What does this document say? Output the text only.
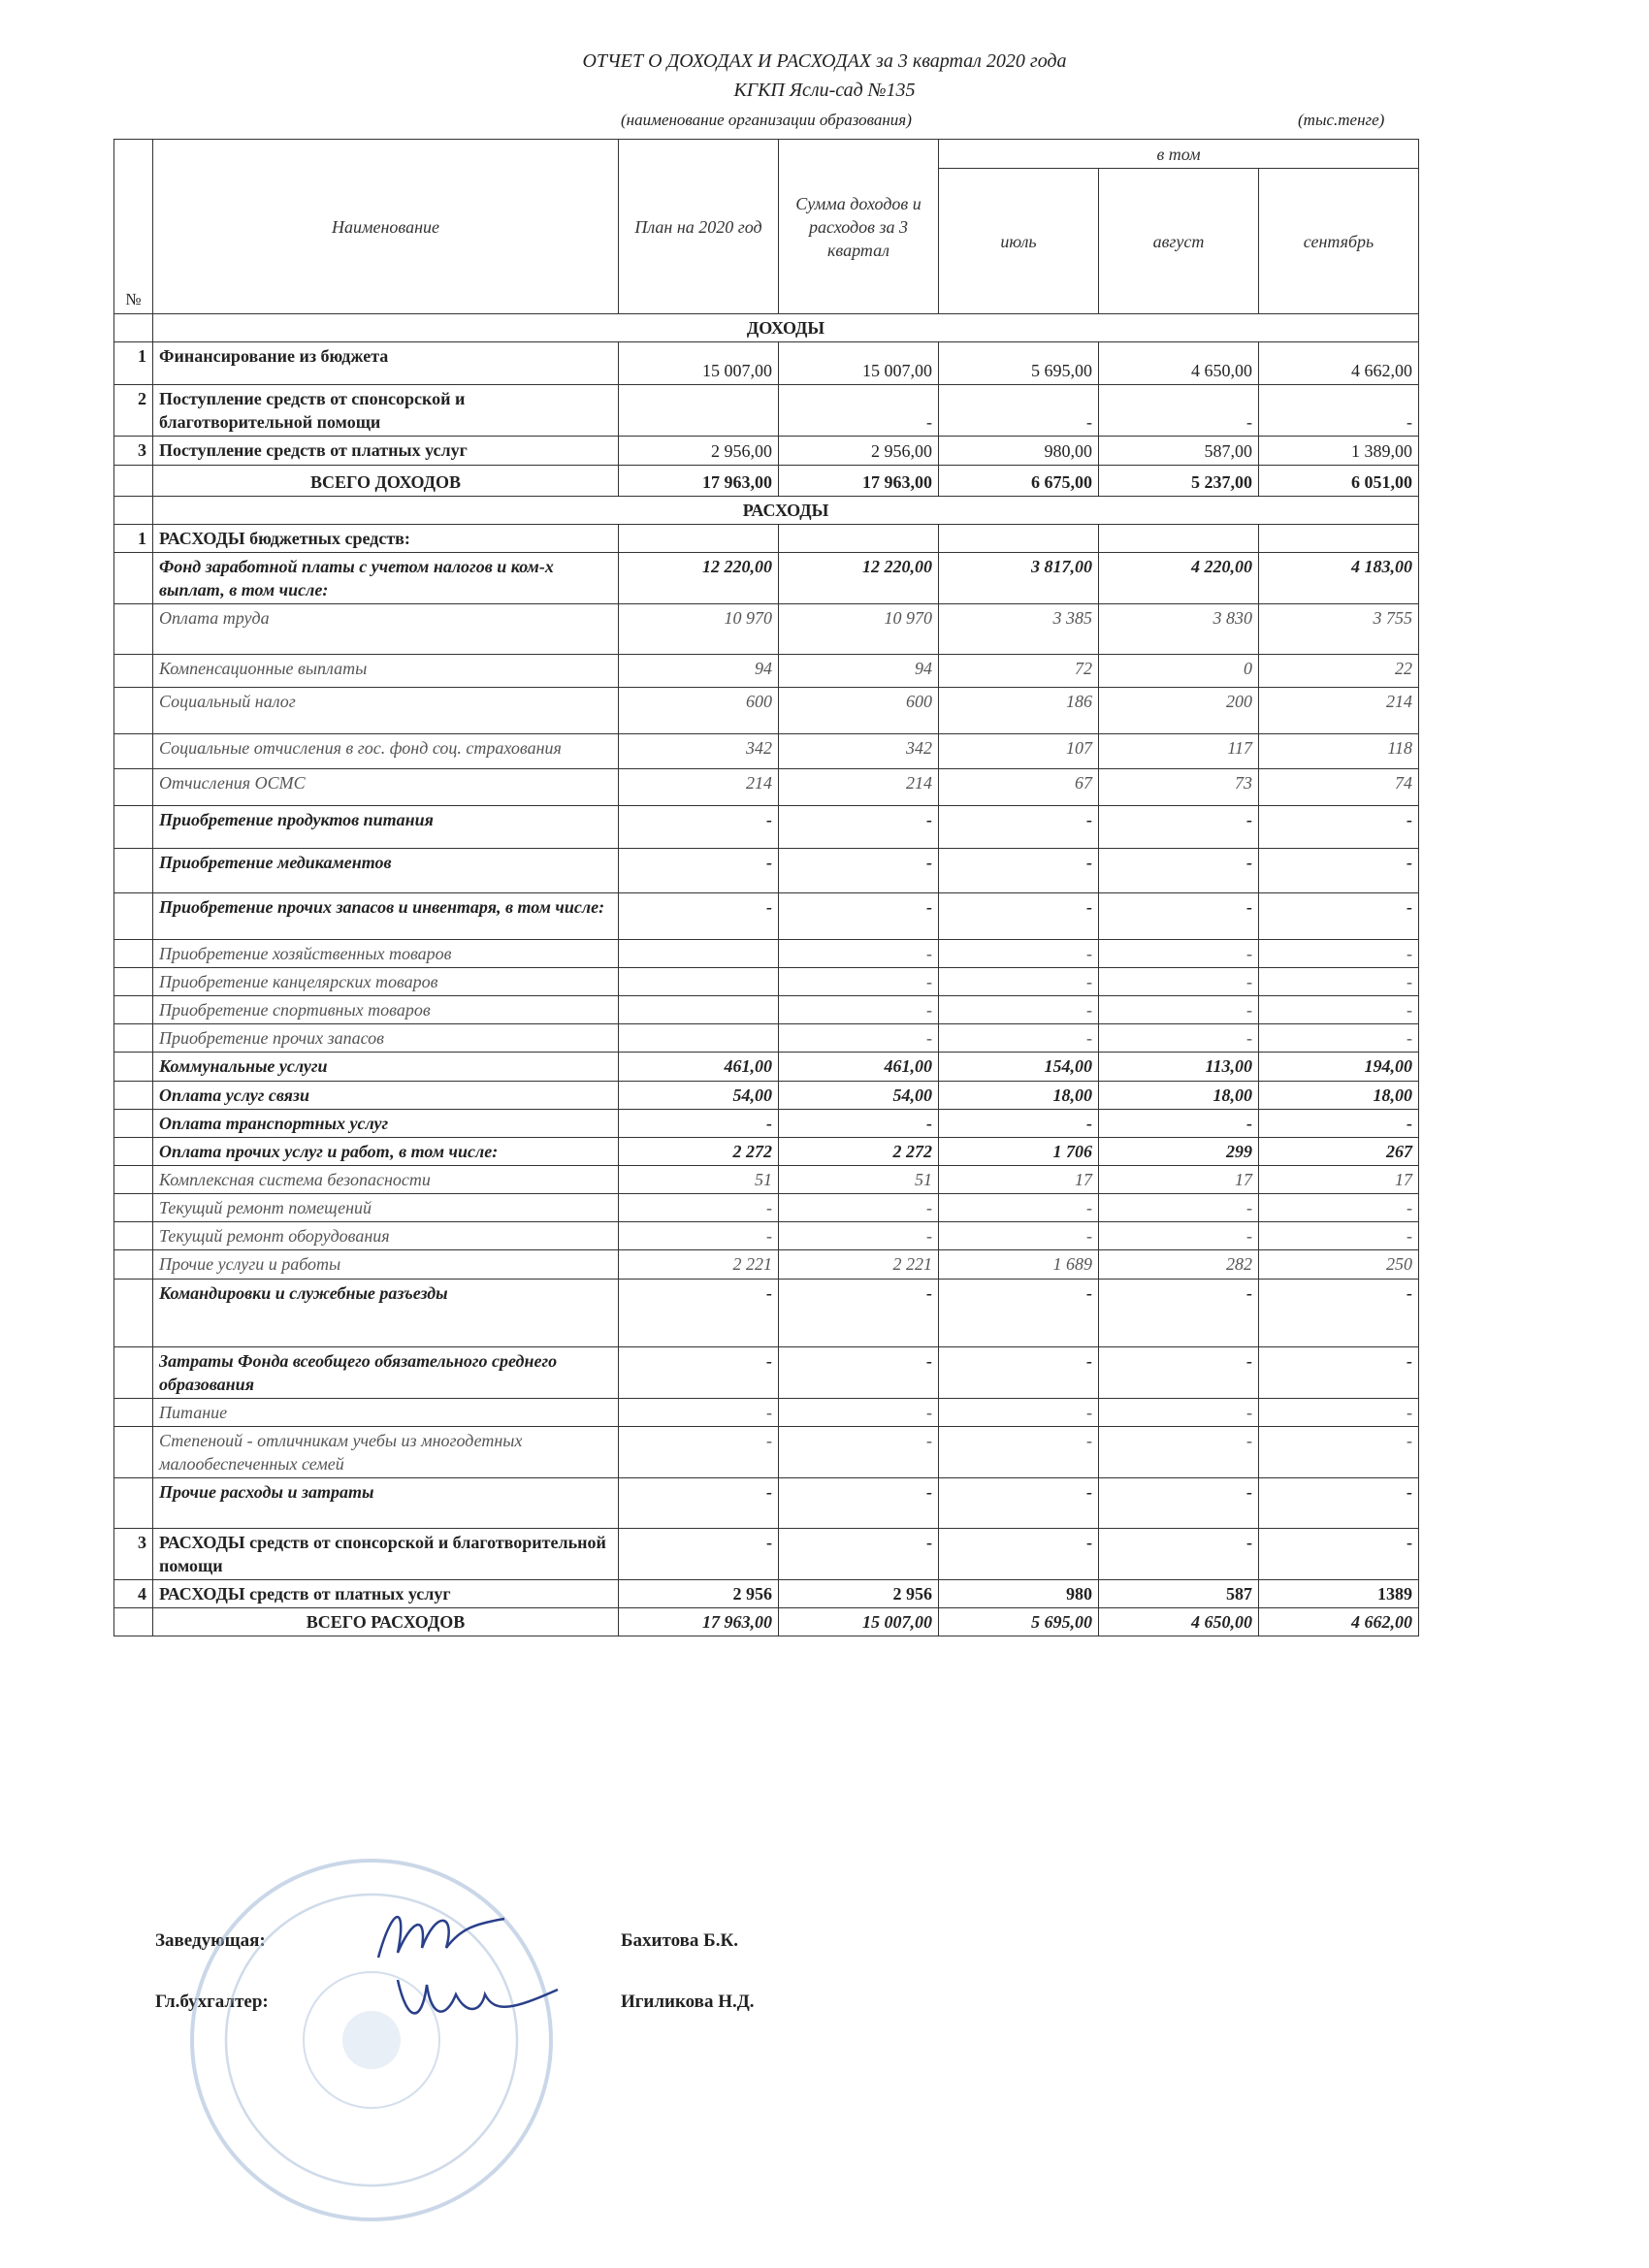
ОТЧЕТ О ДОХОДАХ И РАСХОДАХ за 3 квартал 2020 года
КГКП Ясли-сад №135
(наименование организации образования)	(тыс.тенге)
№	Наименование	План на 2020 год	Сумма доходов и расходов за 3 квартал	в том		
				июль	август	сентябрь
	ДОХОДЫ					
1	Финансирование из бюджета	15 007,00	15 007,00	5 695,00	4 650,00	4 662,00
2	Поступление средств от спонсорской и благотворительной помощи		-	-	-	-
3	Поступление средств от платных услуг	2 956,00	2 956,00	980,00	587,00	1 389,00
	ВСЕГО ДОХОДОВ	17 963,00	17 963,00	6 675,00	5 237,00	6 051,00
	РАСХОДЫ					
1	РАСХОДЫ бюджетных средств:					
	Фонд заработной платы с учетом налогов и ком-х выплат, в том числе:	12 220,00	12 220,00	3 817,00	4 220,00	4 183,00
	Оплата труда	10 970	10 970	3 385	3 830	3 755
	Компенсационные выплаты	94	94	72	0	22
	Социальный налог	600	600	186	200	214
	Социальные отчисления в гос. фонд соц. страхования	342	342	107	117	118
	Отчисления ОСМС	214	214	67	73	74
	Приобретение продуктов питания	-	-	-	-	-
	Приобретение медикаментов	-	-	-	-	-
	Приобретение прочих запасов и инвентаря, в том числе:	-	-	-	-	-
	Приобретение хозяйственных товаров		-	-	-	-
	Приобретение канцелярских товаров		-	-	-	-
	Приобретение спортивных товаров		-	-	-	-
	Приобретение прочих запасов		-	-	-	-
	Коммунальные услуги	461,00	461,00	154,00	113,00	194,00
	Оплата услуг связи	54,00	54,00	18,00	18,00	18,00
	Оплата транспортных услуг	-	-	-	-	-
	Оплата прочих услуг и работ, в том числе:	2 272	2 272	1 706	299	267
	Комплексная система безопасности	51	51	17	17	17
	Текущий ремонт помещений	-	-	-	-	-
	Текущий ремонт оборудования	-	-	-	-	-
	Прочие услуги и работы	2 221	2 221	1 689	282	250
	Командировки и служебные разъезды	-	-	-	-	-
	Затраты Фонда всеобщего обязательного среднего образования	-	-	-	-	-
	Питание	-	-	-	-	-
	Степеноий - отличникам учебы из многодетных малообеспеченных семей	-	-	-	-	-
	Прочие расходы и затраты	-	-	-	-	-
3	РАСХОДЫ средств от спонсорской и благотворительной помощи	-	-	-	-	-
4	РАСХОДЫ средств от платных услуг	2 956	2 956	980	587	1389
	ВСЕГО РАСХОДОВ	17 963,00	15 007,00	5 695,00	4 650,00	4 662,00
Заведующая:	Бахитова Б.К.
Гл.бухгалтер:	Игиликова Н.Д.
